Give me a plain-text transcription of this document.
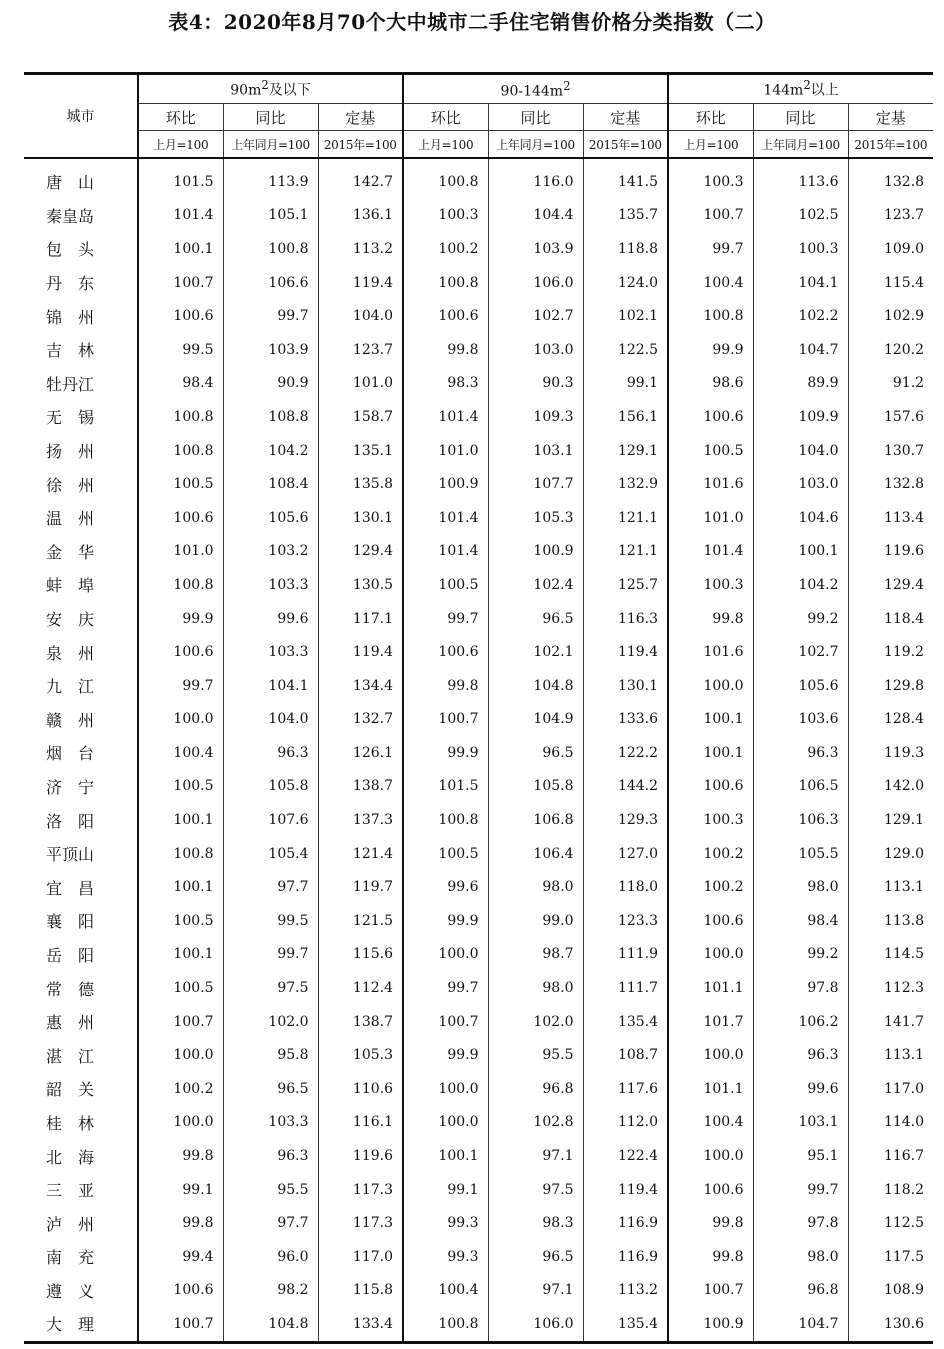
表4：2020年8月70个大中城市二手住宅销售价格分类指数（二）
城市	$90m^2$及以下			$90-144m^2$			$144m^2$以上		
	环比	同比	定基	环比	同比	定基	环比	同比	定基
	上月=100	上年同月=100	2015年=100	上月=100	上年同月=100	2015年=100	上月=100	上年同月=100	2015年=100
唐　山	101.5	113.9	142.7	100.8	116.0	141.5	100.3	113.6	132.8
秦皇岛	101.4	105.1	136.1	100.3	104.4	135.7	100.7	102.5	123.7
包　头	100.1	100.8	113.2	100.2	103.9	118.8	99.7	100.3	109.0
丹　东	100.7	106.6	119.4	100.8	106.0	124.0	100.4	104.1	115.4
锦　州	100.6	99.7	104.0	100.6	102.7	102.1	100.8	102.2	102.9
吉　林	99.5	103.9	123.7	99.8	103.0	122.5	99.9	104.7	120.2
牡丹江	98.4	90.9	101.0	98.3	90.3	99.1	98.6	89.9	91.2
无　锡	100.8	108.8	158.7	101.4	109.3	156.1	100.6	109.9	157.6
扬　州	100.8	104.2	135.1	101.0	103.1	129.1	100.5	104.0	130.7
徐　州	100.5	108.4	135.8	100.9	107.7	132.9	101.6	103.0	132.8
温　州	100.6	105.6	130.1	101.4	105.3	121.1	101.0	104.6	113.4
金　华	101.0	103.2	129.4	101.4	100.9	121.1	101.4	100.1	119.6
蚌　埠	100.8	103.3	130.5	100.5	102.4	125.7	100.3	104.2	129.4
安　庆	99.9	99.6	117.1	99.7	96.5	116.3	99.8	99.2	118.4
泉　州	100.6	103.3	119.4	100.6	102.1	119.4	101.6	102.7	119.2
九　江	99.7	104.1	134.4	99.8	104.8	130.1	100.0	105.6	129.8
赣　州	100.0	104.0	132.7	100.7	104.9	133.6	100.1	103.6	128.4
烟　台	100.4	96.3	126.1	99.9	96.5	122.2	100.1	96.3	119.3
济　宁	100.5	105.8	138.7	101.5	105.8	144.2	100.6	106.5	142.0
洛　阳	100.1	107.6	137.3	100.8	106.8	129.3	100.3	106.3	129.1
平顶山	100.8	105.4	121.4	100.5	106.4	127.0	100.2	105.5	129.0
宜　昌	100.1	97.7	119.7	99.6	98.0	118.0	100.2	98.0	113.1
襄　阳	100.5	99.5	121.5	99.9	99.0	123.3	100.6	98.4	113.8
岳　阳	100.1	99.7	115.6	100.0	98.7	111.9	100.0	99.2	114.5
常　德	100.5	97.5	112.4	99.7	98.0	111.7	101.1	97.8	112.3
惠　州	100.7	102.0	138.7	100.7	102.0	135.4	101.7	106.2	141.7
湛　江	100.0	95.8	105.3	99.9	95.5	108.7	100.0	96.3	113.1
韶　关	100.2	96.5	110.6	100.0	96.8	117.6	101.1	99.6	117.0
桂　林	100.0	103.3	116.1	100.0	102.8	112.0	100.4	103.1	114.0
北　海	99.8	96.3	119.6	100.1	97.1	122.4	100.0	95.1	116.7
三　亚	99.1	95.5	117.3	99.1	97.5	119.4	100.6	99.7	118.2
泸　州	99.8	97.7	117.3	99.3	98.3	116.9	99.8	97.8	112.5
南　充	99.4	96.0	117.0	99.3	96.5	116.9	99.8	98.0	117.5
遵　义	100.6	98.2	115.8	100.4	97.1	113.2	100.7	96.8	108.9
大　理	100.7	104.8	133.4	100.8	106.0	135.4	100.9	104.7	130.6
